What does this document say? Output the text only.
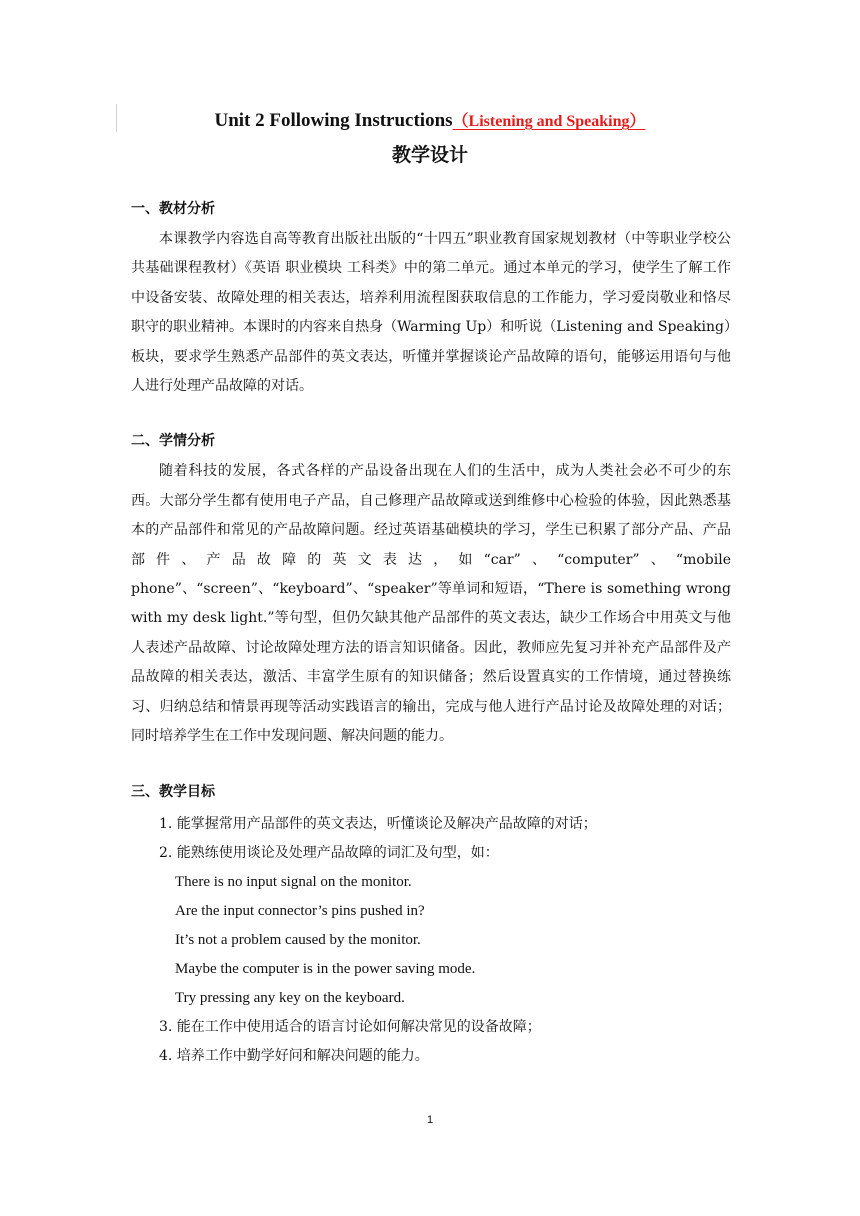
Unit 2 Following Instructions（Listening and Speaking）
教学设计

一、教材分析

本课教学内容选自高等教育出版社出版的“十四五”职业教育国家规划教材（中等职业学校公共基础课程教材）《英语 职业模块 工科类》中的第二单元。通过本单元的学习，使学生了解工作中设备安装、故障处理的相关表达，培养利用流程图获取信息的工作能力，学习爱岗敬业和恪尽职守的职业精神。本课时的内容来自热身（Warming Up）和听说（Listening and Speaking）板块，要求学生熟悉产品部件的英文表达，听懂并掌握谈论产品故障的语句，能够运用语句与他人进行处理产品故障的对话。

二、学情分析

随着科技的发展，各式各样的产品设备出现在人们的生活中，成为人类社会必不可少的东西。大部分学生都有使用电子产品，自己修理产品故障或送到维修中心检验的体验，因此熟悉基本的产品部件和常见的产品故障问题。经过英语基础模块的学习，学生已积累了部分产品、产品部件、产品故障的英文表达，如“car”、“computer”、“mobile phone”、“screen”、“keyboard”、“speaker”等单词和短语，“There is something wrong with my desk light.”等句型，但仍欠缺其他产品部件的英文表达，缺少工作场合中用英文与他人表述产品故障、讨论故障处理方法的语言知识储备。因此，教师应先复习并补充产品部件及产品故障的相关表达，激活、丰富学生原有的知识储备；然后设置真实的工作情境，通过替换练习、归纳总结和情景再现等活动实践语言的输出，完成与他人进行产品讨论及故障处理的对话；同时培养学生在工作中发现问题、解决问题的能力。

三、教学目标

1. 能掌握常用产品部件的英文表达，听懂谈论及解决产品故障的对话；

2. 能熟练使用谈论及处理产品故障的词汇及句型，如：

There is no input signal on the monitor.

Are the input connector’s pins pushed in?

It’s not a problem caused by the monitor.

Maybe the computer is in the power saving mode.

Try pressing any key on the keyboard.

3. 能在工作中使用适合的语言讨论如何解决常见的设备故障；

4. 培养工作中勤学好问和解决问题的能力。

1
